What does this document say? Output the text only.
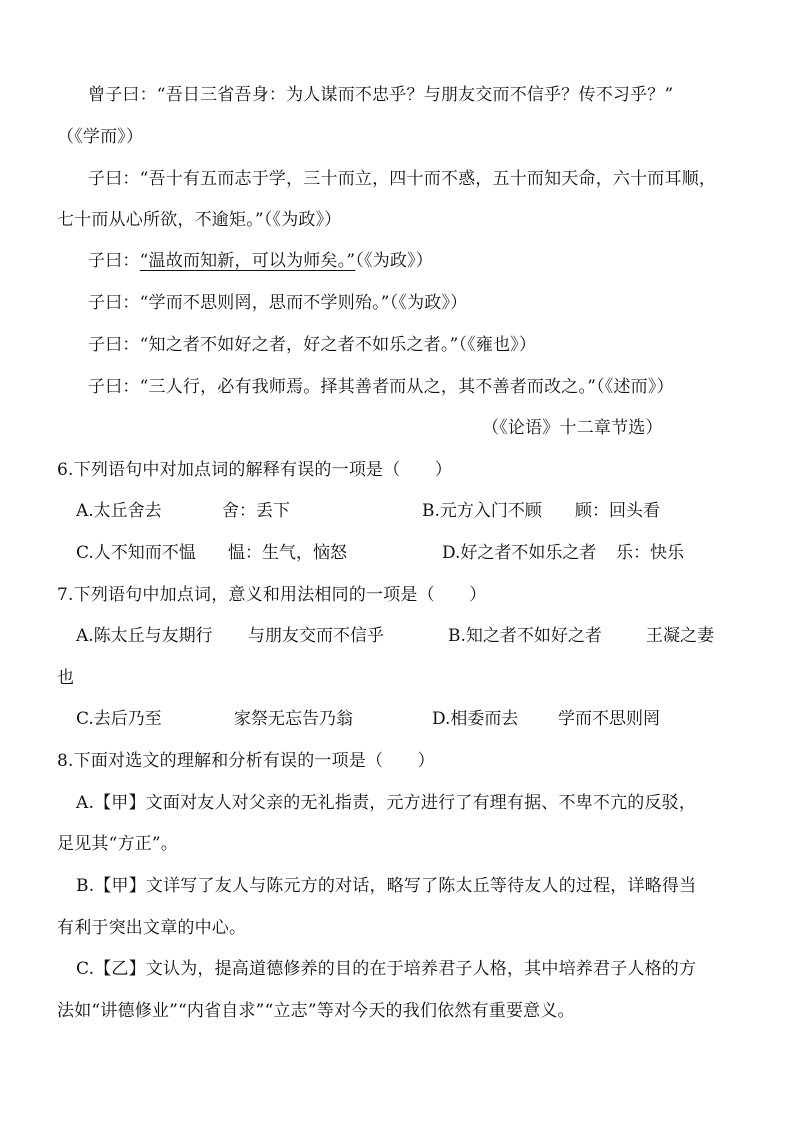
曾子曰：“吾日三省吾身：为人谋而不忠乎？与朋友交而不信乎？传不习乎？”
（《学而》）
子曰：“吾十有五而志于学，三十而立，四十而不惑，五十而知天命，六十而耳顺，
七十而从心所欲，不逾矩。”（《为政》）
子曰：“温故而知新，可以为师矣。”（《为政》）
子曰：“学而不思则罔，思而不学则殆。”（《为政》）
子曰：“知之者不如好之者，好之者不如乐之者。”（《雍也》）
子曰：“三人行，必有我师焉。择其善者而从之，其不善者而改之。”（《述而》）
（《论语》十二章节选）
6.下列语句中对加点词的解释有误的一项是（　　）
A.太丘舍去	舍：丢下	B.元方入门不顾 顾：回头看
C.人不知而不愠 愠：生气，恼怒	D.好之者不如乐之者 乐：快乐
7.下列语句中加点词，意义和用法相同的一项是（　　）
A.陈太丘与友期行 与朋友交而不信乎	B.知之者不如好之者	王凝之妻
也
C.去后乃至	家祭无忘告乃翁	D.相委而去 学而不思则罔
8.下面对选文的理解和分析有误的一项是（　　）
A.【甲】文面对友人对父亲的无礼指责，元方进行了有理有据、不卑不亢的反驳，
足见其“方正”。
B.【甲】文详写了友人与陈元方的对话，略写了陈太丘等待友人的过程，详略得当
有利于突出文章的中心。
C.【乙】文认为，提高道德修养的目的在于培养君子人格，其中培养君子人格的方
法如“讲德修业”“内省自求”“立志”等对今天的我们依然有重要意义。
